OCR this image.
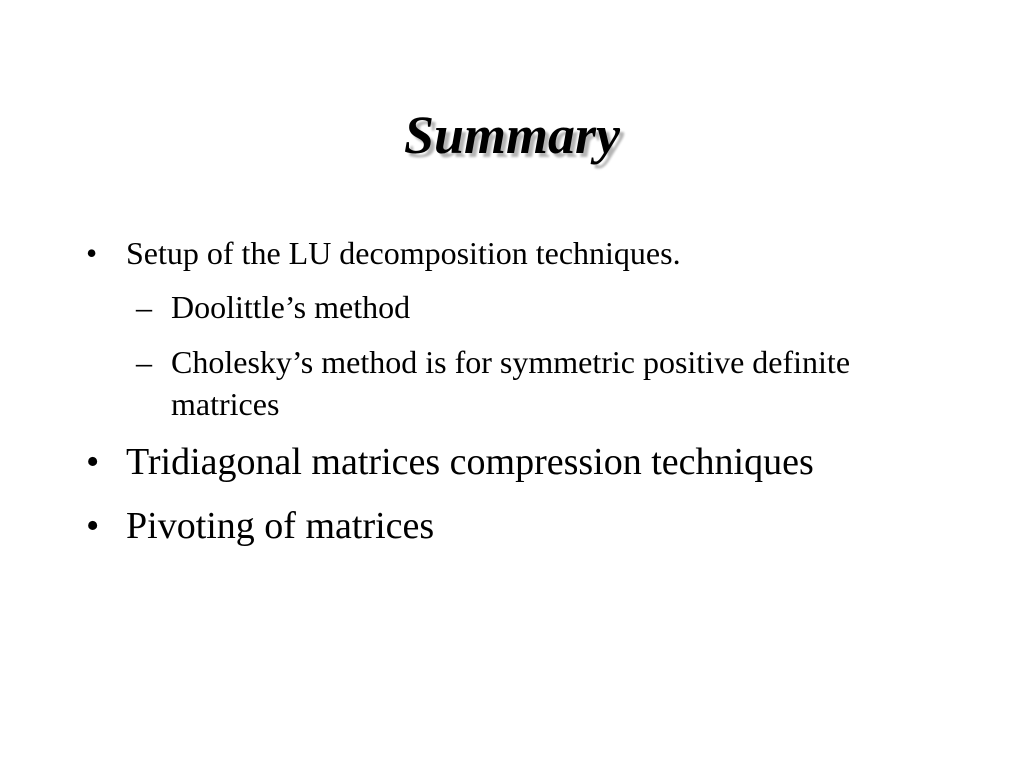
Summary
• Setup of the LU decomposition techniques.
– Doolittle’s method
– Cholesky’s method is for symmetric positive definite matrices
• Tridiagonal matrices compression techniques
• Pivoting of matrices
